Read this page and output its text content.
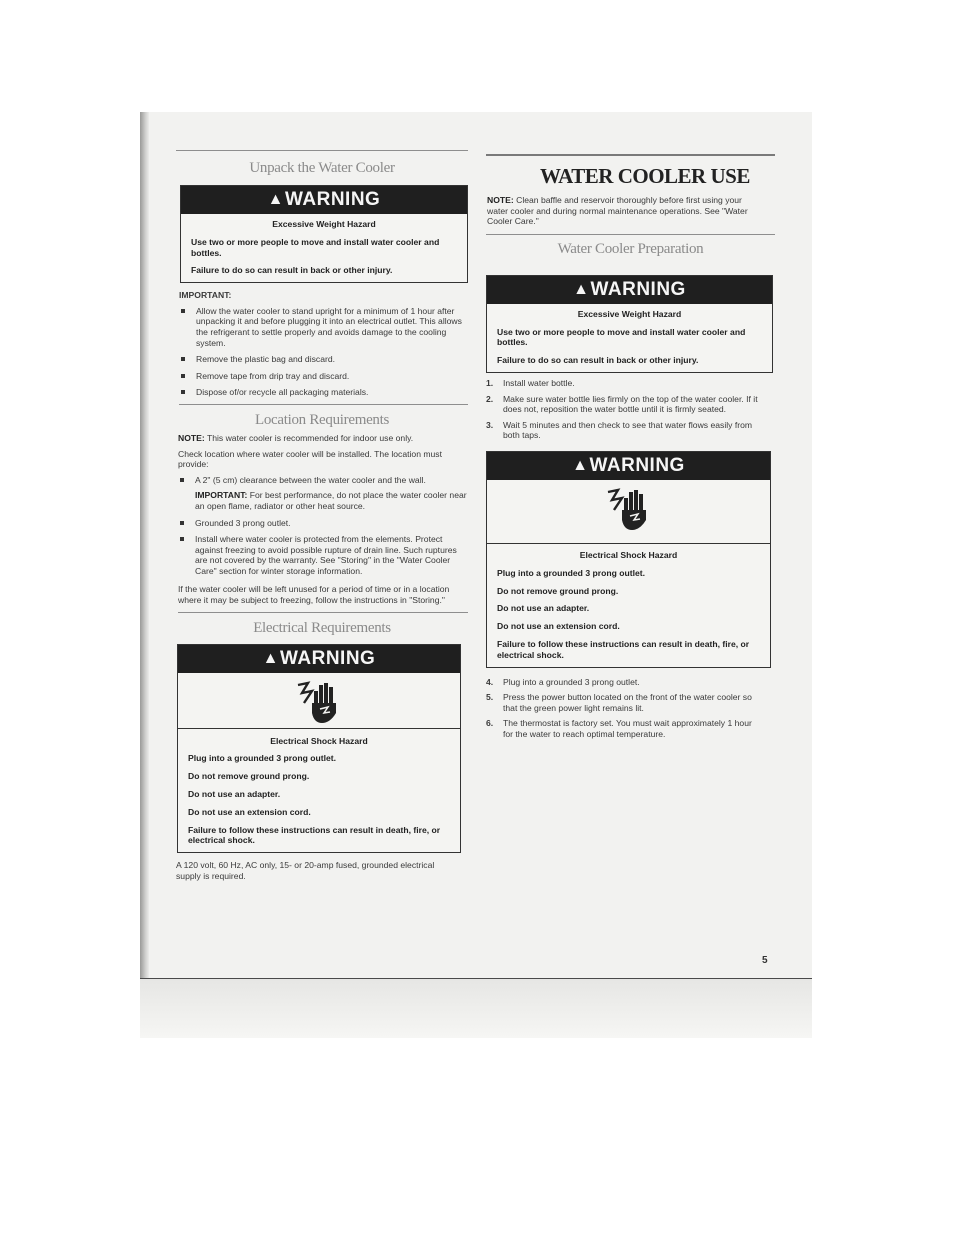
Unpack the Water Cooler
▲WARNING
Excessive Weight Hazard
Use two or more people to move and install water cooler and bottles.
Failure to do so can result in back or other injury.
IMPORTANT:
Allow the water cooler to stand upright for a minimum of 1 hour after unpacking it and before plugging it into an electrical outlet. This allows the refrigerant to settle properly and avoids damage to the cooling system.
Remove the plastic bag and discard.
Remove tape from drip tray and discard.
Dispose of/or recycle all packaging materials.
Location Requirements
NOTE: This water cooler is recommended for indoor use only.
Check location where water cooler will be installed. The location must provide:
A 2" (5 cm) clearance between the water cooler and the wall.
IMPORTANT: For best performance, do not place the water cooler near an open flame, radiator or other heat source.
Grounded 3 prong outlet.
Install where water cooler is protected from the elements. Protect against freezing to avoid possible rupture of drain line. Such ruptures are not covered by the warranty. See "Storing" in the "Water Cooler Care" section for winter storage information.
If the water cooler will be left unused for a period of time or in a location where it may be subject to freezing, follow the instructions in "Storing."
Electrical Requirements
▲WARNING
Electrical Shock Hazard
Plug into a grounded 3 prong outlet.
Do not remove ground prong.
Do not use an adapter.
Do not use an extension cord.
Failure to follow these instructions can result in death, fire, or electrical shock.
A 120 volt, 60 Hz, AC only, 15- or 20-amp fused, grounded electrical supply is required.
WATER COOLER USE
NOTE: Clean baffle and reservoir thoroughly before first using your water cooler and during normal maintenance operations. See "Water Cooler Care."
Water Cooler Preparation
▲WARNING
Excessive Weight Hazard
Use two or more people to move and install water cooler and bottles.
Failure to do so can result in back or other injury.
1. Install water bottle.
2. Make sure water bottle lies firmly on the top of the water cooler. If it does not, reposition the water bottle until it is firmly seated.
3. Wait 5 minutes and then check to see that water flows easily from both taps.
▲WARNING
Electrical Shock Hazard
Plug into a grounded 3 prong outlet.
Do not remove ground prong.
Do not use an adapter.
Do not use an extension cord.
Failure to follow these instructions can result in death, fire, or electrical shock.
4. Plug into a grounded 3 prong outlet.
5. Press the power button located on the front of the water cooler so that the green power light remains lit.
6. The thermostat is factory set. You must wait approximately 1 hour for the water to reach optimal temperature.
5
